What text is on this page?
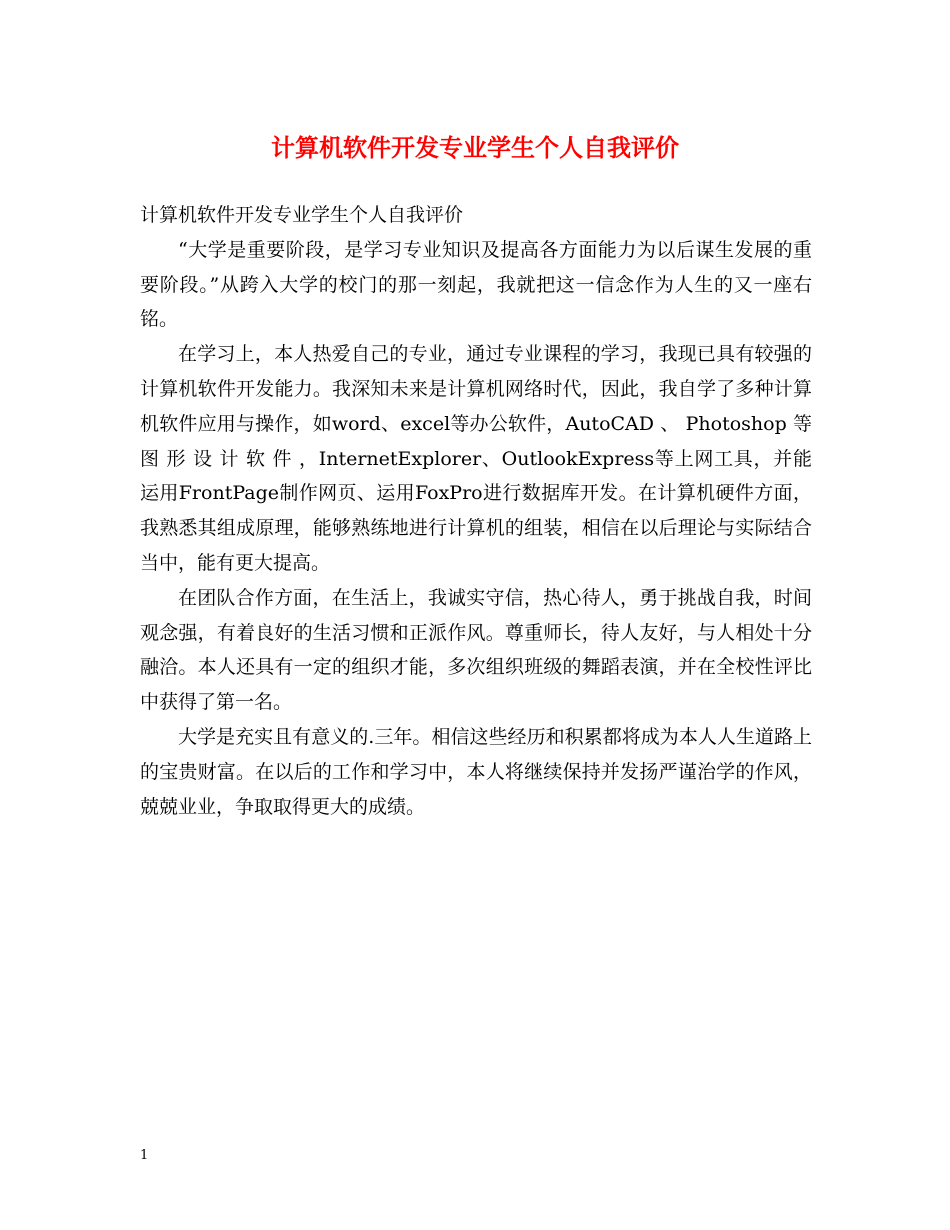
计算机软件开发专业学生个人自我评价

计算机软件开发专业学生个人自我评价

“大学是重要阶段，是学习专业知识及提高各方面能力为以后谋生发展的重要阶段。”从跨入大学的校门的那一刻起，我就把这一信念作为人生的又一座右铭。

在学习上，本人热爱自己的专业，通过专业课程的学习，我现已具有较强的计算机软件开发能力。我深知未来是计算机网络时代，因此，我自学了多种计算机软件应用与操作，如word、excel等办公软件，AutoCAD 、 Photoshop 等 图 形 设 计 软 件 ，InternetExplorer、OutlookExpress等上网工具，并能运用FrontPage制作网页、运用FoxPro进行数据库开发。在计算机硬件方面，我熟悉其组成原理，能够熟练地进行计算机的组装，相信在以后理论与实际结合当中，能有更大提高。

在团队合作方面，在生活上，我诚实守信，热心待人，勇于挑战自我，时间观念强，有着良好的生活习惯和正派作风。尊重师长，待人友好，与人相处十分融洽。本人还具有一定的组织才能，多次组织班级的舞蹈表演，并在全校性评比中获得了第一名。

大学是充实且有意义的.三年。相信这些经历和积累都将成为本人人生道路上的宝贵财富。在以后的工作和学习中，本人将继续保持并发扬严谨治学的作风，兢兢业业，争取取得更大的成绩。

1
